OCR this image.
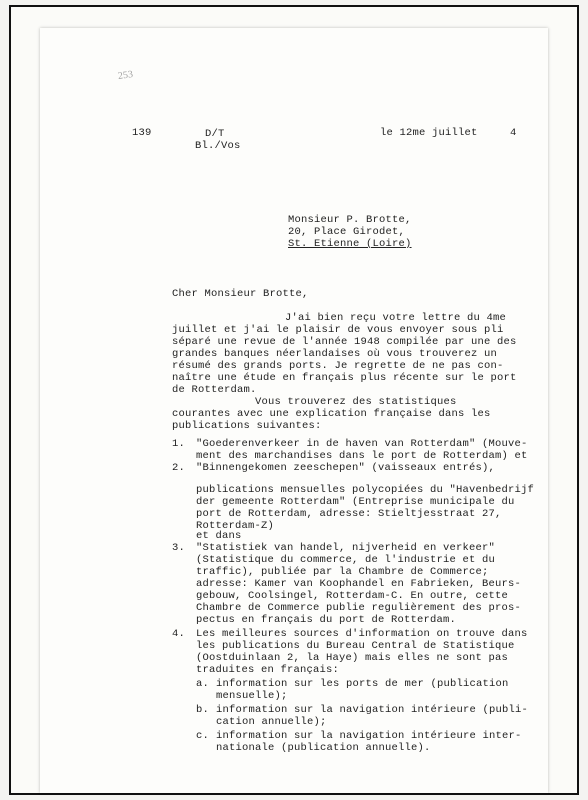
253
139	D/T
Bl./Vos
le 12me juillet	4
Monsieur P. Brotte,
20, Place Girodet,
St. Etienne (Loire)
Cher Monsieur Brotte,
J'ai bien reçu votre lettre du 4me
juillet et j'ai le plaisir de vous envoyer sous pli
séparé une revue de l'année 1948 compilée par une des
grandes banques néerlandaises où vous trouverez un
résumé des grands ports. Je regrette de ne pas con-
naître une étude en français plus récente sur le port
de Rotterdam.
Vous trouverez des statistiques
courantes avec une explication française dans les
publications suivantes:
1. "Goederenverkeer in de haven van Rotterdam" (Mouve-
ment des marchandises dans le port de Rotterdam) et
2. "Binnengekomen zeeschepen" (vaisseaux entrés),
publications mensuelles polycopiées du "Havenbedrijf
der gemeente Rotterdam" (Entreprise municipale du
port de Rotterdam, adresse: Stieltjesstraat 27,
Rotterdam-Z)
et dans
3. "Statistiek van handel, nijverheid en verkeer"
(Statistique du commerce, de l'industrie et du
traffic), publiée par la Chambre de Commerce;
adresse: Kamer van Koophandel en Fabrieken, Beurs-
gebouw, Coolsingel, Rotterdam-C. En outre, cette
Chambre de Commerce publie regulièrement des pros-
pectus en français du port de Rotterdam.
4. Les meilleures sources d'information on trouve dans
les publications du Bureau Central de Statistique
(Oostduinlaan 2, la Haye) mais elles ne sont pas
traduites en français:
a. information sur les ports de mer (publication
mensuelle);
b. information sur la navigation intérieure (publi-
cation annuelle);
c. information sur la navigation intérieure inter-
nationale (publication annuelle).
